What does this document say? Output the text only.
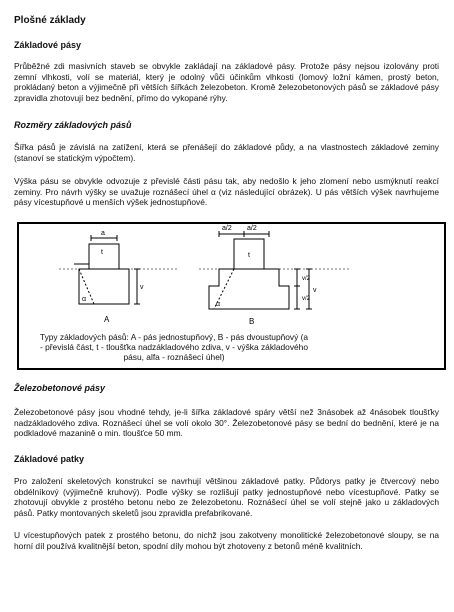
Plošné základy
Základové pásy
Průběžné zdi masivních staveb se obvykle zakládají na základové pásy. Protože pásy nejsou izolovány proti zemní vlhkosti, volí se materiál, který je odolný vůči účinkům vlhkosti (lomový ložní kámen, prostý beton, prokládaný beton a výjimečně při větších šířkách železobeton. Kromě železobetonových pásů se základové pásy zpravidla zhotovují bez bednění, přímo do vykopané rýhy.
Rozměry základových pásů
Šířka pásů je závislá na zatížení, která se přenášejí do základové půdy, a na vlastnostech základové zeminy (stanoví se statickým výpočtem).
Výška pásu se obvykle odvozuje z převislé části pásu tak, aby nedošlo k jeho zlomení nebo usmýknutí reakcí zeminy. Pro návrh výšky se uvažuje roznášecí úhel α (viz následující obrázek). U pás větších výšek navrhujeme pásy vícestupňové u menších výšek jednostupňové.
Železobetonové pásy
Železobetonové pásy jsou vhodné tehdy, je-li šířka základové spáry větší než 3násobek až 4násobek tloušťky nadzákladového zdiva. Roznášecí úhel se volí okolo 30°. Železobetonové pásy se bední do bednění, které je na podkladové mazanině o min. tloušťce 50 mm.
Základové patky
Pro založení skeletových konstrukcí se navrhují většinou základové patky. Půdorys patky je čtvercový nebo obdélníkový (výjimečně kruhový). Podle výšky se rozlišují patky jednostupňové nebo vícestupňové. Patky se zhotovují obvykle z prostého betonu nebo ze železobetonu. Roznášecí úhel se volí stejně jako u základových pásů. Patky montovaných skeletů jsou zpravidla prefabrikované.
U vícestupňových patek z prostého betonu, do nichž jsou zakotveny monolitické železobetonové sloupy, se na horní díl používá kvalitnější beton, spodní díly mohou být zhotoveny z betonů méně kvalitních.
a
t
v
α
A
a/2 a/2
t
v/2
v/2
v
α
B
Typy základových pásů: A - pás jednostupňový, B - pás dvoustupňový (a - převislá část, t - tloušťka nadzákladového zdiva, v - výška základového pásu, alfa - roznášecí úhel)
